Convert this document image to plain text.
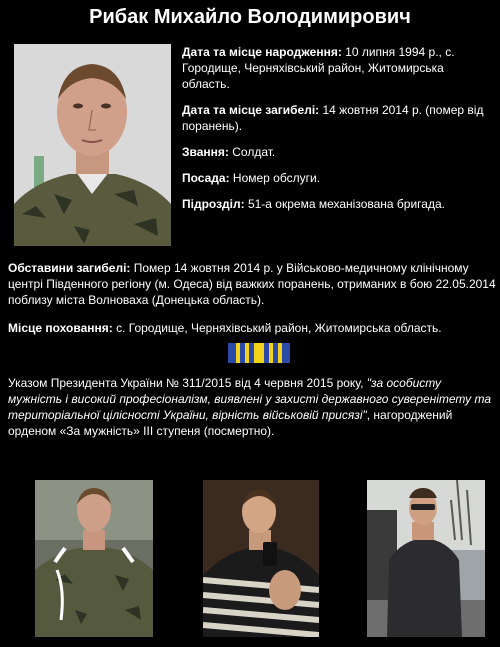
Рибак Михайло Володимирович

Дата та місце народження: 10 липня 1994 р., с. Городище, Черняхівський район, Житомирська область.

Дата та місце загибелі: 14 жовтня 2014 р. (помер від поранень).

Звання: Солдат.

Посада: Номер обслуги.

Підрозділ: 51-а окрема механізована бригада.

Обставини загибелі: Помер 14 жовтня 2014 р. у Військово-медичному клінічному центрі Південного регіону (м. Одеса) від важких поранень, отриманих в бою 22.05.2014 поблизу міста Волноваха (Донецька область).
Місце поховання: с. Городище, Черняхівський район, Житомирська область.
Указом Президента України № 311/2015 від 4 червня 2015 року, "за особисту мужність і високий професіоналізм, виявлені у захисті державного суверенітету та територіальної цілісності України, вірність військовій присязі", нагороджений орденом «За мужність» III ступеня (посмертно).
